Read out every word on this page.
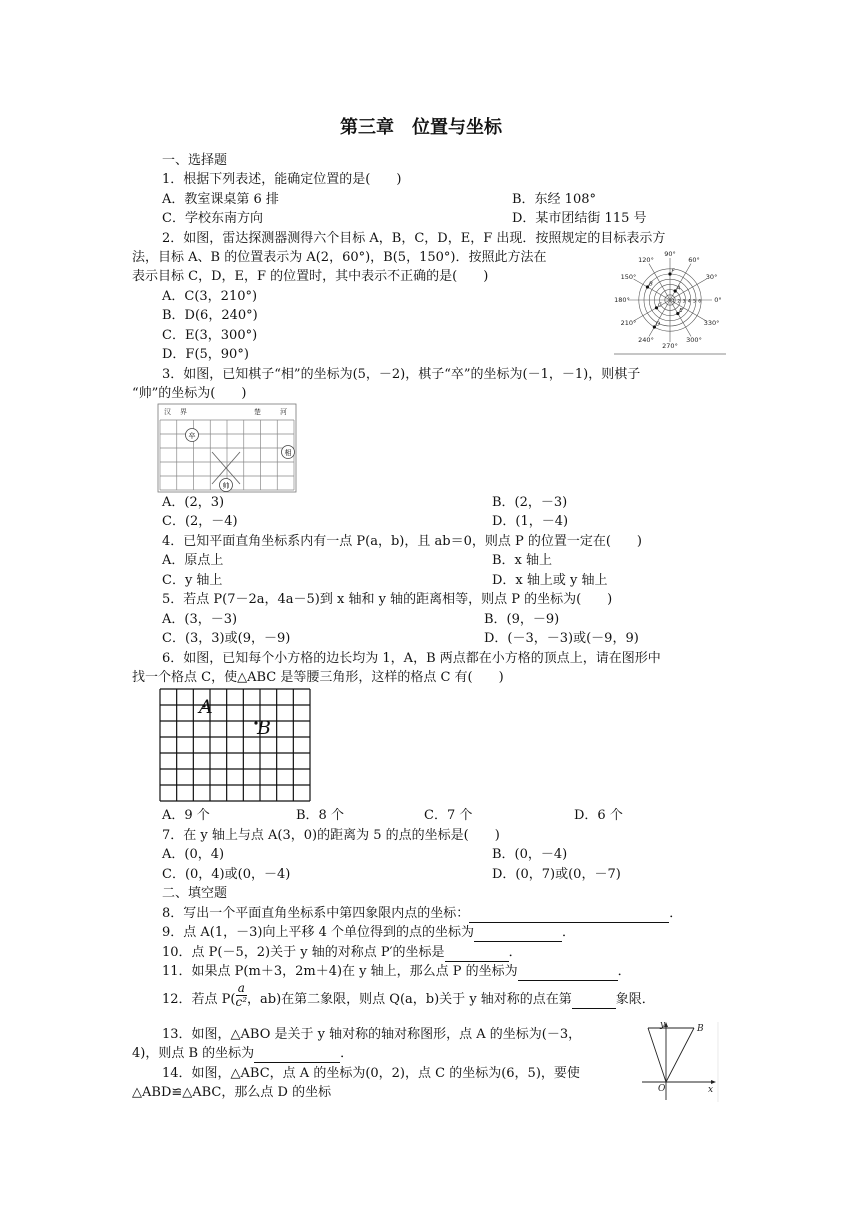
第三章　位置与坐标
一、选择题
1．根据下列表述，能确定位置的是(　　)
A．教室课桌第 6 排	B．东经 108°
C．学校东南方向	D．某市团结街 115 号
2．如图，雷达探测器测得六个目标 A，B，C，D，E，F 出现．按照规定的目标表示方
法，目标 A、B 的位置表示为 A(2，60°)，B(5，150°)．按照此方法在
表示目标 C，D，E，F 的位置时，其中表示不正确的是(　　)
A．C(3，210°)
B．D(6，240°)
C．E(3，300°)
D．F(5，90°)
1 2 3 4 5 6
90°
60°
30°
0°
330°
300°
270°
240°
210°
180°
150°
120°
A
B
C
D
E
F
3．如图，已知棋子“相”的坐标为(5，－2)，棋子“卒”的坐标为(－1，－1)，则棋子
“帅”的坐标为(　　)
汉 界	楚	河
卒
相
帅
A．(2，3)	B．(2，－3)
C．(2，－4)	D．(1，－4)
4．已知平面直角坐标系内有一点 P(a，b)，且 ab＝0，则点 P 的位置一定在(　　)
A．原点上	B．x 轴上
C．y 轴上	D．x 轴上或 y 轴上
5．若点 P(7－2a，4a－5)到 x 轴和 y 轴的距离相等，则点 P 的坐标为(　　)
A．(3，－3)	B．(9，－9)
C．(3，3)或(9，－9)	D．(－3，－3)或(－9，9)
6．如图，已知每个小方格的边长均为 1，A，B 两点都在小方格的顶点上，请在图形中
找一个格点 C，使△ABC 是等腰三角形，这样的格点 C 有(　　)
A
B
A．9 个	B．8 个	C．7 个	D．6 个
7．在 y 轴上与点 A(3，0)的距离为 5 的点的坐标是(　　)
A．(0，4)	B．(0，－4)
C．(0，4)或(0，－4)	D．(0，7)或(0，－7)
二、填空题
8．写出一个平面直角坐标系中第四象限内点的坐标：	．
9．点 A(1，－3)向上平移 4 个单位得到的点的坐标为	．
10．点 P(－5，2)关于 y 轴的对称点 P′的坐标是	．
11．如果点 P(m＋3，2m＋4)在 y 轴上，那么点 P 的坐标为	．
12．若点 $P( \frac{a}{\text{c²}}$ ，ab)在第二象限，则点 Q(a，b)关于 y 轴对称的点在第	象限．
13．如图，△ABO 是关于 y 轴对称的轴对称图形，点 A 的坐标为(－3，
4)，则点 B 的坐标为	．
y	B
O	x
14．如图，△ABC，点 A 的坐标为(0，2)，点 C 的坐标为(6，5)，要使
△ABD≌△ABC，那么点 D 的坐标
